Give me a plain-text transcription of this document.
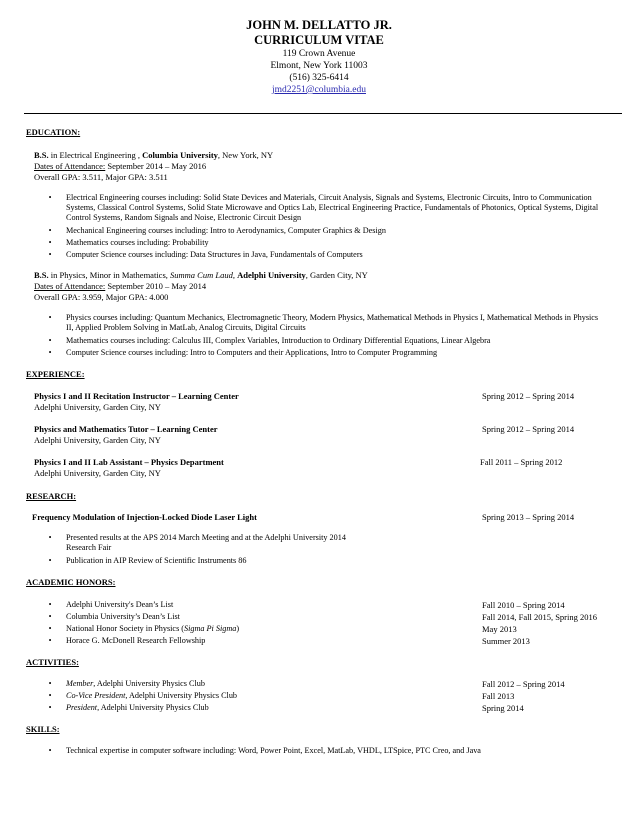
JOHN M. DELLATTO JR.
CURRICULUM VITAE
119 Crown Avenue
Elmont, New York 11003
(516) 325-6414
jmd2251@columbia.edu
EDUCATION:
B.S. in Electrical Engineering , Columbia University, New York, NY
Dates of Attendance: September 2014 – May 2016
Overall GPA: 3.511, Major GPA: 3.511
•	Electrical Engineering courses including: Solid State Devices and Materials, Circuit Analysis, Signals and Systems, Electronic Circuits, Intro to Communication Systems, Classical Control Systems, Solid State Microwave and Optics Lab, Electrical Engineering Practice, Fundamentals of Photonics, Optical Systems, Digital Control Systems, Random Signals and Noise, Electronic Circuit Design
•	Mechanical Engineering courses including: Intro to Aerodynamics, Computer Graphics & Design
•	Mathematics courses including: Probability
•	Computer Science courses including: Data Structures in Java, Fundamentals of Computers
B.S. in Physics, Minor in Mathematics, Summa Cum Laud, Adelphi University, Garden City, NY
Dates of Attendance: September 2010 – May 2014
Overall GPA: 3.959, Major GPA: 4.000
•	Physics courses including: Quantum Mechanics, Electromagnetic Theory, Modern Physics, Mathematical Methods in Physics I, Mathematical Methods in Physics II, Applied Problem Solving in MatLab, Analog Circuits, Digital Circuits
•	Mathematics courses including: Calculus III, Complex Variables, Introduction to Ordinary Differential Equations, Linear Algebra
•	Computer Science courses including: Intro to Computers and their Applications, Intro to Computer Programming
EXPERIENCE:
Physics I and II Recitation Instructor – Learning Center	Spring 2012 – Spring 2014
Adelphi University, Garden City, NY
Physics and Mathematics Tutor – Learning Center	Spring 2012 – Spring 2014
Adelphi University, Garden City, NY
Physics I and II Lab Assistant – Physics Department	Fall 2011 – Spring 2012
Adelphi University, Garden City, NY
RESEARCH:
Frequency Modulation of Injection-Locked Diode Laser Light	Spring 2013 – Spring 2014
•	Presented results at the APS 2014 March Meeting and at the Adelphi University 2014 Research Fair
•	Publication in AIP Review of Scientific Instruments 86
ACADEMIC HONORS:
•	Adelphi University's Dean’s List	Fall 2010 – Spring 2014
•	Columbia University’s Dean’s List	Fall 2014, Fall 2015, Spring 2016
•	National Honor Society in Physics (Sigma Pi Sigma)	May 2013
•	Horace G. McDonell Research Fellowship	Summer 2013
ACTIVITIES:
•	Member, Adelphi University Physics Club	Fall 2012 – Spring 2014
•	Co-Vice President, Adelphi University Physics Club	Fall 2013
•	President, Adelphi University Physics Club	Spring 2014
SKILLS:
•	Technical expertise in computer software including: Word, Power Point, Excel, MatLab, VHDL, LTSpice, PTC Creo, and Java
